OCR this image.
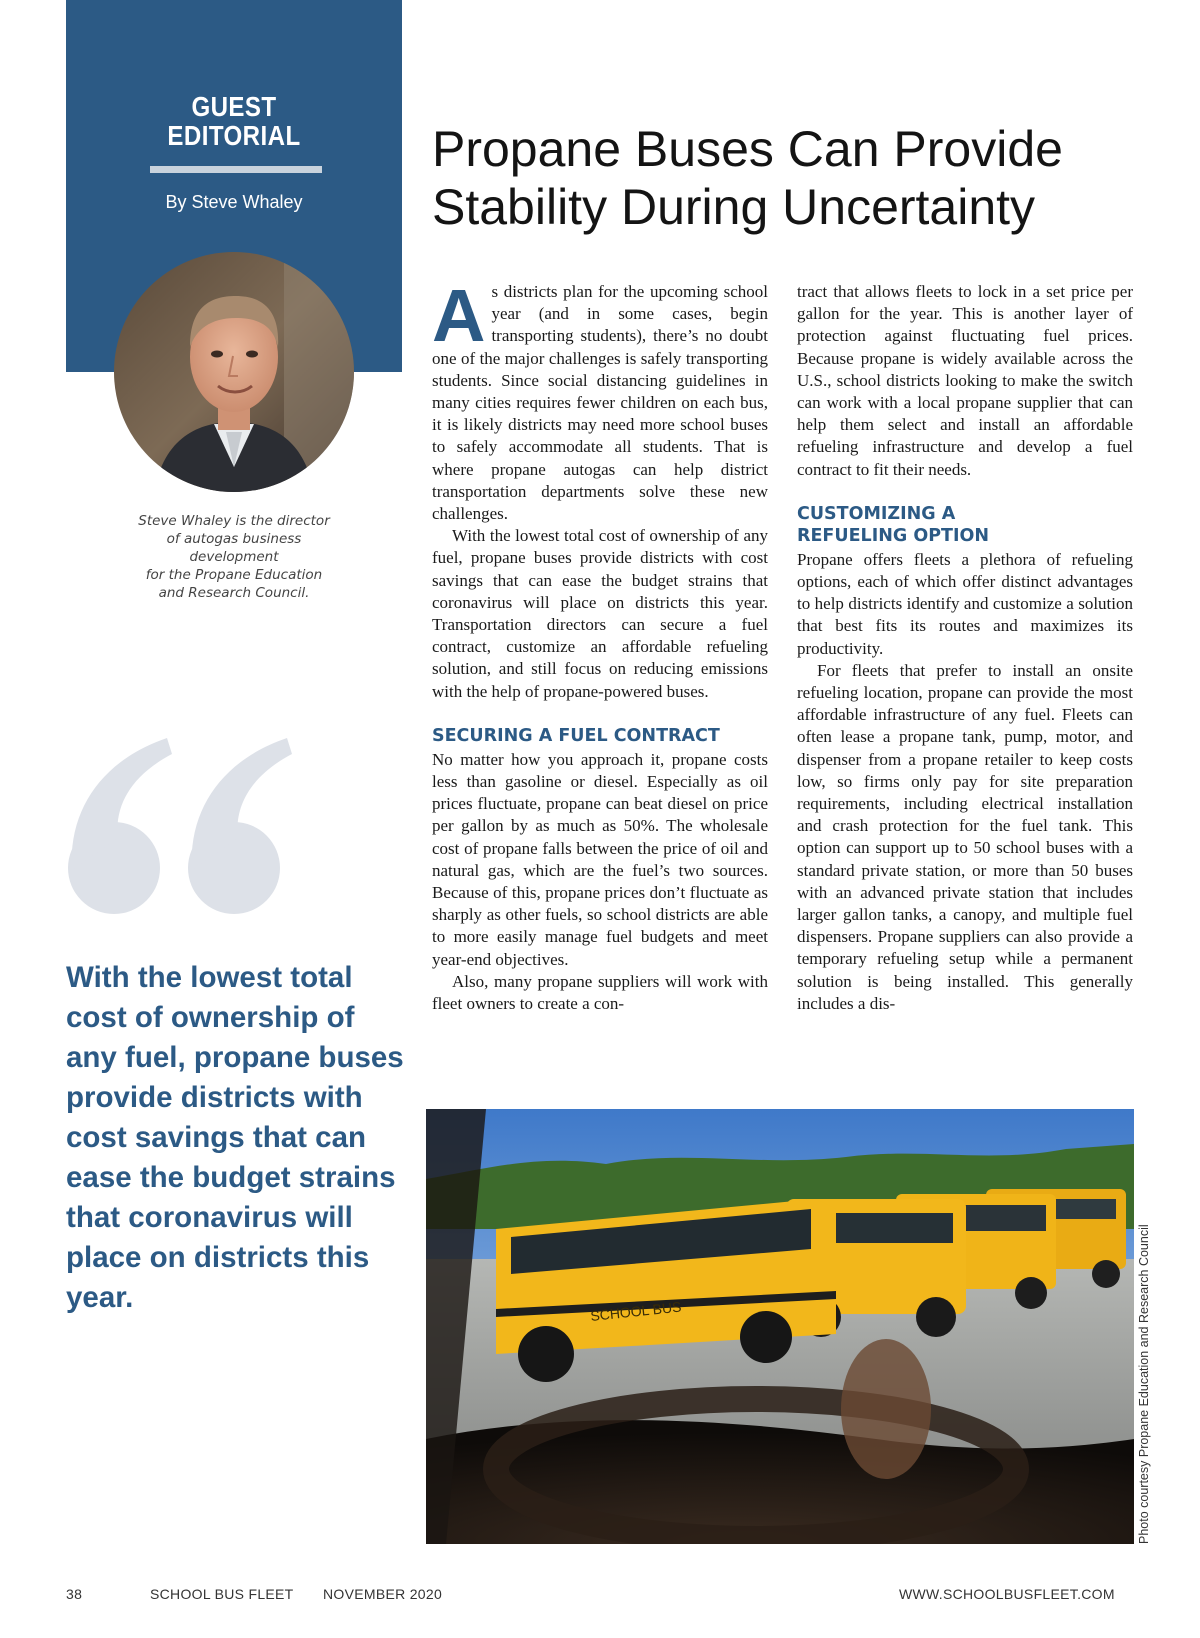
GUEST
EDITORIAL
By Steve Whaley
Steve Whaley is the director
of autogas business development
for the Propane Education
and Research Council.
With the lowest total cost of ownership of any fuel, propane buses provide districts with cost savings that can ease the budget strains that coronavirus will place on districts this year.
Propane Buses Can Provide
Stability During Uncertainty

As districts plan for the upcoming school year (and in some cases, begin transporting students), there’s no doubt one of the major challenges is safely transporting students. Since social distancing guidelines in many cities requires fewer children on each bus, it is likely districts may need more school buses to safely accommodate all students. That is where propane autogas can help district transportation departments solve these new challenges.

With the lowest total cost of ownership of any fuel, propane buses provide districts with cost savings that can ease the budget strains that coronavirus will place on districts this year. Transportation directors can secure a fuel contract, customize an affordable refueling solution, and still focus on reducing emissions with the help of propane-powered buses.

SECURING A FUEL CONTRACT

No matter how you approach it, propane costs less than gasoline or diesel. Especially as oil prices fluctuate, propane can beat diesel on price per gallon by as much as 50%. The wholesale cost of propane falls between the price of oil and natural gas, which are the fuel’s two sources. Because of this, propane prices don’t fluctuate as sharply as other fuels, so school districts are able to more easily manage fuel budgets and meet year-end objectives.

Also, many propane suppliers will work with fleet owners to create a con-

tract that allows fleets to lock in a set price per gallon for the year. This is another layer of protection against fluctuating fuel prices. Because propane is widely available across the U.S., school districts looking to make the switch can work with a local propane supplier that can help them select and install an affordable refueling infrastructure and develop a fuel contract to fit their needs.

CUSTOMIZING A
REFUELING OPTION

Propane offers fleets a plethora of refueling options, each of which offer distinct advantages to help districts identify and customize a solution that best fits its routes and maximizes its productivity.

For fleets that prefer to install an onsite refueling location, propane can provide the most affordable infrastructure of any fuel. Fleets can often lease a propane tank, pump, motor, and dispenser from a propane retailer to keep costs low, so firms only pay for site preparation requirements, including electrical installation and crash protection for the fuel tank. This option can support up to 50 school buses with a standard private station, or more than 50 buses with an advanced private station that includes larger gallon tanks, a canopy, and multiple fuel dispensers. Propane suppliers can also provide a temporary refueling setup while a permanent solution is being installed. This generally includes a dis-

SCHOOL BUS	Photo courtesy Propane Education and Research Council
38	SCHOOL BUS FLEET NOVEMBER 2020	WWW.SCHOOLBUSFLEET.COM
